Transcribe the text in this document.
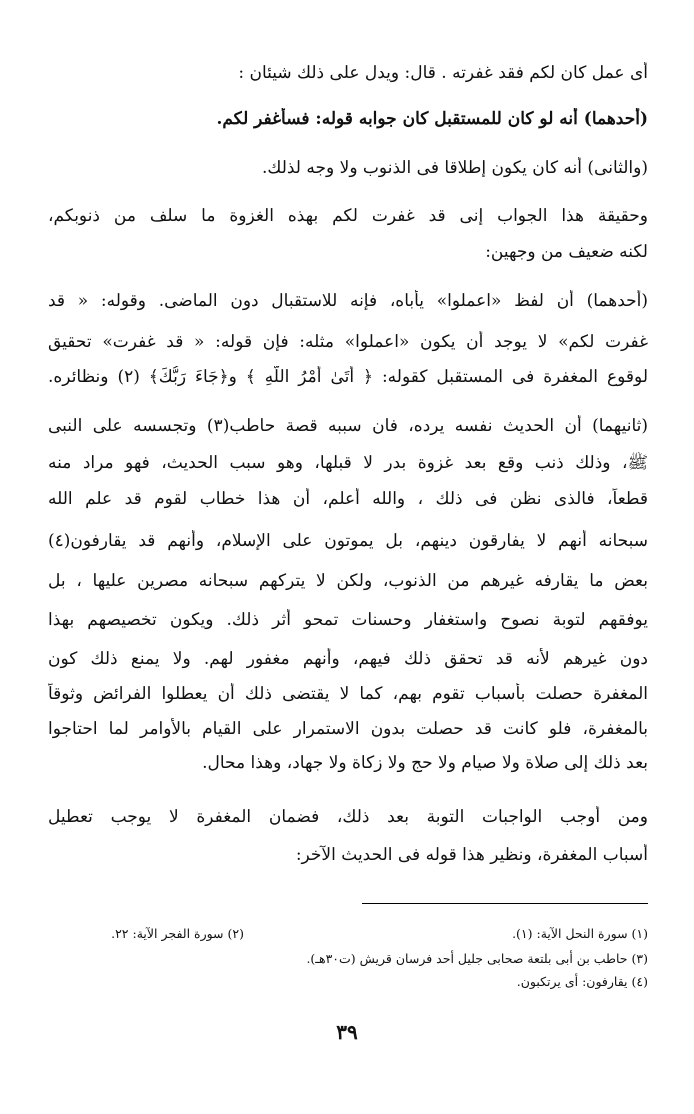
أى عمل كان لكم فقد غفرته . قال: ويدل على ذلك شيئان :
(أحدهما) أنه لو كان للمستقبل كان جوابه قوله: فسأغفر لكم.
(والثانى) أنه كان يكون إطلاقا فى الذنوب ولا وجه لذلك.
وحقيقة هذا الجواب إنى قد غفرت لكم بهذه الغزوة ما سلف من ذنوبكم،
لكنه ضعيف من وجهين:
(أحدهما) أن لفظ «اعملوا» يأباه، فإنه للاستقبال دون الماضى. وقوله: « قد
غفرت لكم» لا يوجد أن يكون «اعملوا» مثله: فإن قوله: « قد غفرت» تحقيق
لوقوع المغفرة فى المستقبل كقوله: ﴿ أَتَىٰ أَمْرُ اللَّهِ ﴾ و﴿جَاءَ رَبُّكَ﴾ (٢) ونظائره.
(ثانيهما) أن الحديث نفسه يرده، فان سببه قصة حاطب(٣) وتجسسه على النبى
ﷺ، وذلك ذنب وقع بعد غزوة بدر لا قبلها، وهو سبب الحديث، فهو مراد منه
قطعاً، فالذى نظن فى ذلك ، والله أعلم، أن هذا خطاب لقوم قد علم الله
سبحانه أنهم لا يفارقون دينهم، بل يموتون على الإسلام، وأنهم قد يقارفون(٤)
بعض ما يقارفه غيرهم من الذنوب، ولكن لا يتركهم سبحانه مصرين عليها ، بل
يوفقهم لتوبة نصوح واستغفار وحسنات تمحو أثر ذلك. ويكون تخصيصهم بهذا
دون غيرهم لأنه قد تحقق ذلك فيهم، وأنهم مغفور لهم. ولا يمنع ذلك كون
المغفرة حصلت بأسباب تقوم بهم، كما لا يقتضى ذلك أن يعطلوا الفرائض وثوقاً
بالمغفرة، فلو كانت قد حصلت بدون الاستمرار على القيام بالأوامر لما احتاجوا
بعد ذلك إلى صلاة ولا صيام ولا حج ولا زكاة ولا جهاد، وهذا محال.
ومن أوجب الواجبات التوبة بعد ذلك، فضمان المغفرة لا يوجب تعطيل
أسباب المغفرة، ونظير هذا قوله فى الحديث الآخر:
(١) سورة النحل الآية: (١).
(٢) سورة الفجر الآية: ٢٢.
(٣) حاطب بن أبى بلتعة صحابى جليل أحد فرسان قريش (ت٣٠هـ).
(٤) يقارفون: أى يرتكبون.
٣٩
